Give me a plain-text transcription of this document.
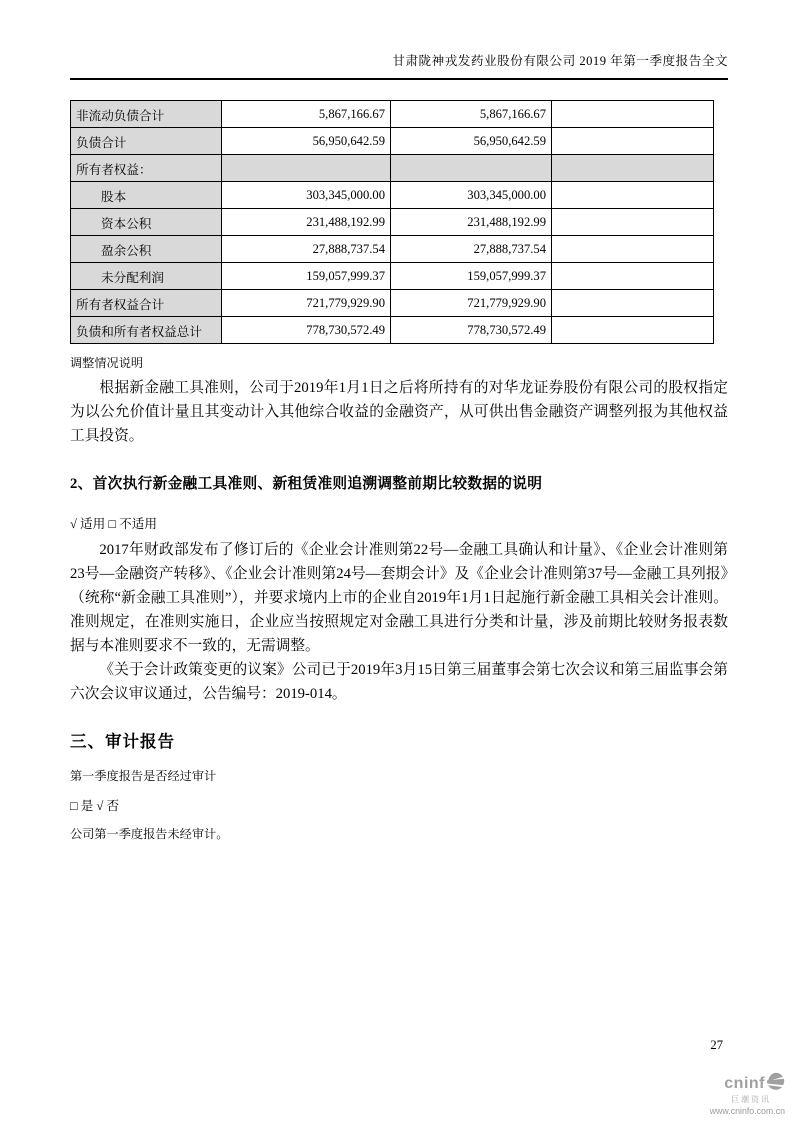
甘肃陇神戎发药业股份有限公司 2019 年第一季度报告全文
非流动负债合计	5,867,166.67	5,867,166.67	
负债合计	56,950,642.59	56,950,642.59	
所有者权益：			
股本	303,345,000.00	303,345,000.00	
资本公积	231,488,192.99	231,488,192.99	
盈余公积	27,888,737.54	27,888,737.54	
未分配利润	159,057,999.37	159,057,999.37	
所有者权益合计	721,779,929.90	721,779,929.90	
负债和所有者权益总计	778,730,572.49	778,730,572.49	
调整情况说明

根据新金融工具准则，公司于2019年1月1日之后将所持有的对华龙证券股份有限公司的股权指定为以公允价值计量且其变动计入其他综合收益的金融资产，从可供出售金融资产调整列报为其他权益工具投资。

2、首次执行新金融工具准则、新租赁准则追溯调整前期比较数据的说明
√ 适用 □ 不适用

2017年财政部发布了修订后的《企业会计准则第22号—金融工具确认和计量》、《企业会计准则第23号—金融资产转移》、《企业会计准则第24号—套期会计》及《企业会计准则第37号—金融工具列报》（统称“新金融工具准则”），并要求境内上市的企业自2019年1月1日起施行新金融工具相关会计准则。准则规定，在准则实施日，企业应当按照规定对金融工具进行分类和计量，涉及前期比较财务报表数据与本准则要求不一致的，无需调整。

《关于会计政策变更的议案》公司已于2019年3月15日第三届董事会第七次会议和第三届监事会第六次会议审议通过，公告编号：2019-014。

三、审计报告
第一季度报告是否经过审计
□ 是 √ 否
公司第一季度报告未经审计。
27
cninf
巨潮资讯
www.cninfo.com.cn
